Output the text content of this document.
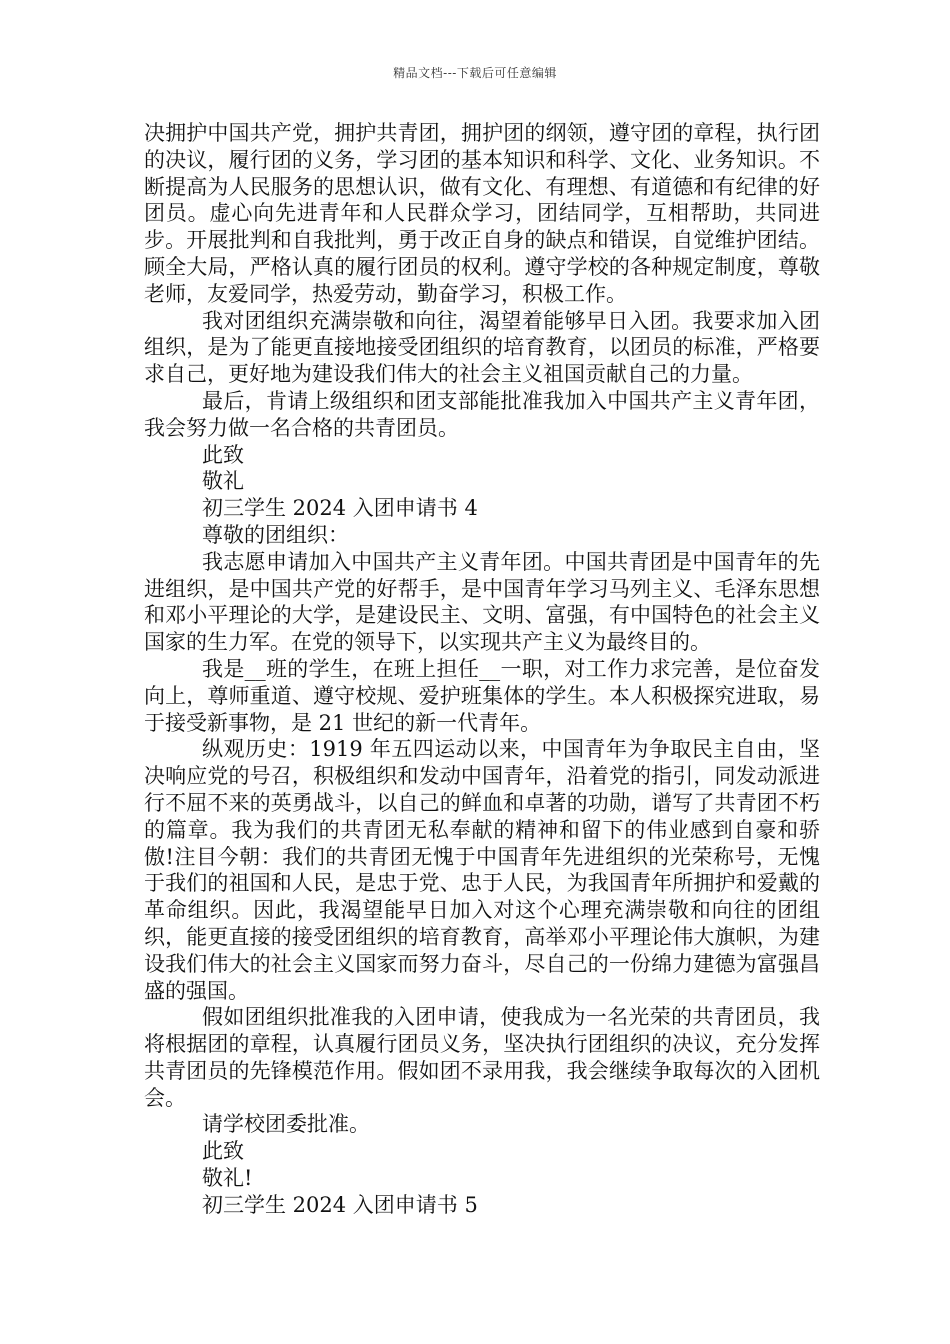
精品文档---下载后可任意编辑

决拥护中国共产党，拥护共青团，拥护团的纲领，遵守团的章程，执行团的决议，履行团的义务，学习团的基本知识和科学、文化、业务知识。不断提高为人民服务的思想认识，做有文化、有理想、有道德和有纪律的好团员。虚心向先进青年和人民群众学习，团结同学，互相帮助，共同进步。开展批判和自我批判，勇于改正自身的缺点和错误，自觉维护团结。顾全大局，严格认真的履行团员的权利。遵守学校的各种规定制度，尊敬老师，友爱同学，热爱劳动，勤奋学习，积极工作。

我对团组织充满崇敬和向往，渴望着能够早日入团。我要求加入团组织，是为了能更直接地接受团组织的培育教育，以团员的标准，严格要求自己，更好地为建设我们伟大的社会主义祖国贡献自己的力量。

最后，肯请上级组织和团支部能批准我加入中国共产主义青年团，我会努力做一名合格的共青团员。

此致

敬礼

初三学生 2024 入团申请书 4

尊敬的团组织：

我志愿申请加入中国共产主义青年团。中国共青团是中国青年的先进组织，是中国共产党的好帮手，是中国青年学习马列主义、毛泽东思想和邓小平理论的大学，是建设民主、文明、富强，有中国特色的社会主义国家的生力军。在党的领导下，以实现共产主义为最终目的。

我是__班的学生，在班上担任__一职，对工作力求完善，是位奋发向上，尊师重道、遵守校规、爱护班集体的学生。本人积极探究进取，易于接受新事物，是 21 世纪的新一代青年。

纵观历史：1919 年五四运动以来，中国青年为争取民主自由，坚决响应党的号召，积极组织和发动中国青年，沿着党的指引，同发动派进行不屈不来的英勇战斗，以自己的鲜血和卓著的功勋，谱写了共青团不朽的篇章。我为我们的共青团无私奉献的精神和留下的伟业感到自豪和骄傲!注目今朝：我们的共青团无愧于中国青年先进组织的光荣称号，无愧于我们的祖国和人民，是忠于党、忠于人民，为我国青年所拥护和爱戴的革命组织。因此，我渴望能早日加入对这个心理充满崇敬和向往的团组织，能更直接的接受团组织的培育教育，高举邓小平理论伟大旗帜，为建设我们伟大的社会主义国家而努力奋斗，尽自己的一份绵力建德为富强昌盛的强国。

假如团组织批准我的入团申请，使我成为一名光荣的共青团员，我将根据团的章程，认真履行团员义务，坚决执行团组织的决议，充分发挥共青团员的先锋模范作用。假如团不录用我，我会继续争取每次的入团机会。

请学校团委批准。

此致

敬礼!

初三学生 2024 入团申请书 5
